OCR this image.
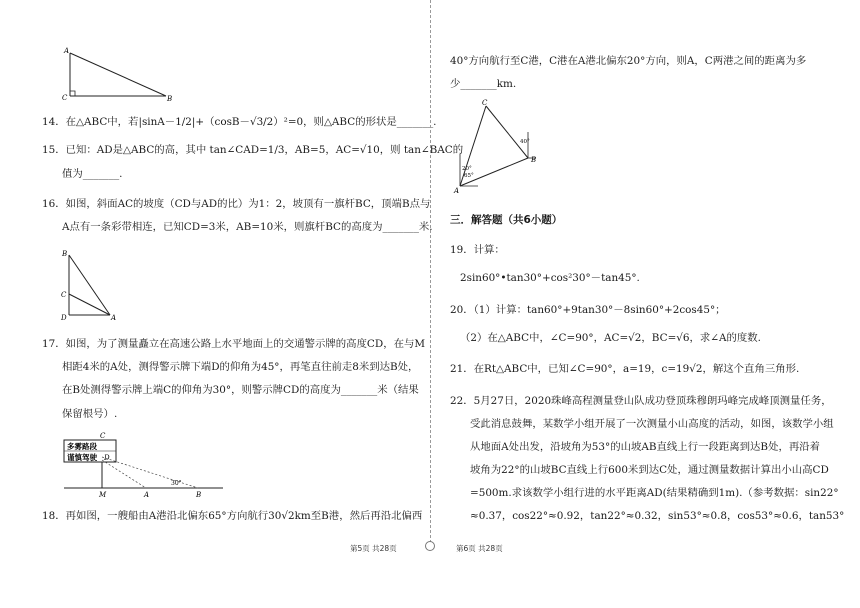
A
C	B
14．在△ABC中，若|sinA－1/2|+（cosB－√3/2）²=0，则△ABC的形状是_______.
15．已知：AD是△ABC的高，其中 tan∠CAD=1/3，AB=5，AC=√10，则 tan∠BAC的
值为_______.
16．如图，斜面AC的坡度（CD与AD的比）为1：2，坡顶有一旗杆BC，顶端B点与
A点有一条彩带相连，已知CD=3米，AB=10米，则旗杆BC的高度为_______米.
B
C
D	A
17．如图，为了测量矗立在高速公路上水平地面上的交通警示牌的高度CD，在与M
相距4米的A处，测得警示牌下端D的仰角为45°，再笔直往前走8米到达B处，
在B处测得警示牌上端C的仰角为30°，则警示牌CD的高度为_______米（结果
保留根号）.
多雾路段
谨慎驾驶
C
D
M	A	B
30°
18．再如图，一艘船由A港沿北偏东65°方向航行30√2km至B港，然后再沿北偏西
第5页 共28页
40°方向航行至C港，C港在A港北偏东20°方向，则A，C两港之间的距离为多
少_______km.
C
B
A
40°
20°
65°
三．解答题（共6小题）
19．计算：
2sin60°•tan30°+cos²30°－tan45°.
20．（1）计算：tan60°+9tan30°－8sin60°+2cos45°；
（2）在△ABC中，∠C=90°，AC=√2，BC=√6，求∠A的度数.
21．在Rt△ABC中，已知∠C=90°，a=19，c=19√2，解这个直角三角形.
22．5月27日，2020珠峰高程测量登山队成功登顶珠穆朗玛峰完成峰顶测量任务，
受此消息鼓舞，某数学小组开展了一次测量小山高度的活动，如图，该数学小组
从地面A处出发，沿坡角为53°的山坡AB直线上行一段距离到达B处，再沿着
坡角为22°的山坡BC直线上行600米到达C处，通过测量数据计算出小山高CD
=500m.求该数学小组行进的水平距离AD(结果精确到1m).（参考数据：sin22°
≈0.37，cos22°≈0.92，tan22°≈0.32，sin53°≈0.8，cos53°≈0.6，tan53°
第6页 共28页
